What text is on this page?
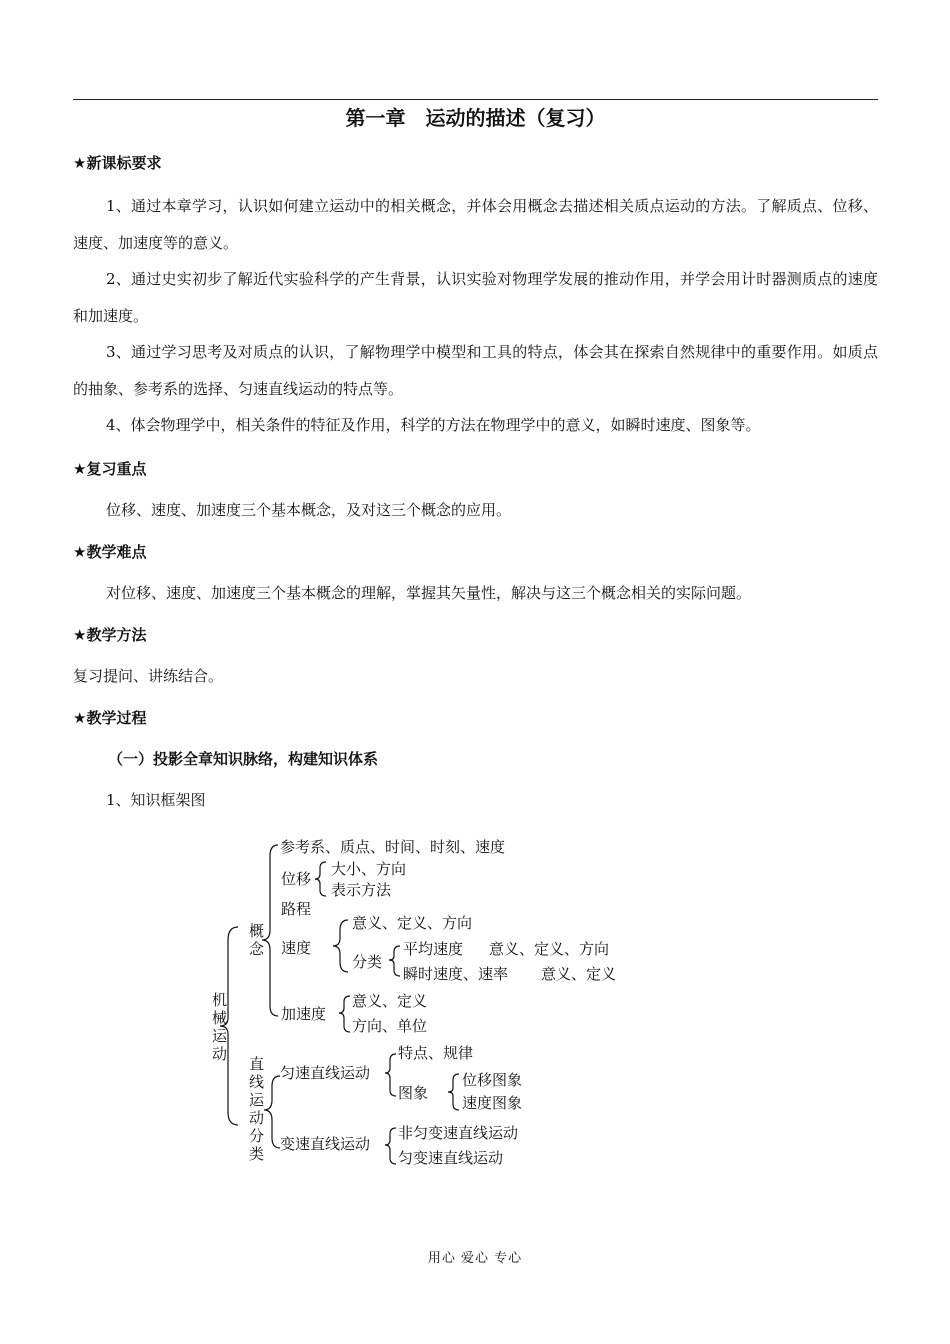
第一章　运动的描述（复习）
★新课标要求
1、通过本章学习，认识如何建立运动中的相关概念，并体会用概念去描述相关质点运动的方法。了解质点、位移、速度、加速度等的意义。
2、通过史实初步了解近代实验科学的产生背景，认识实验对物理学发展的推动作用，并学会用计时器测质点的速度和加速度。
3、通过学习思考及对质点的认识，了解物理学中模型和工具的特点，体会其在探索自然规律中的重要作用。如质点的抽象、参考系的选择、匀速直线运动的特点等。
4、体会物理学中，相关条件的特征及作用，科学的方法在物理学中的意义，如瞬时速度、图象等。
★复习重点
位移、速度、加速度三个基本概念，及对这三个概念的应用。
★教学难点
对位移、速度、加速度三个基本概念的理解，掌握其矢量性，解决与这三个概念相关的实际问题。
★教学方法
复习提问、讲练结合。
★教学过程
（一）投影全章知识脉络，构建知识体系
1、知识框架图
机械运动
概念
直线运动分类
参考系、质点、时间、时刻、速度
位移
大小、方向
表示方法
路程
速度
意义、定义、方向
分类
平均速度 意义、定义、方向
瞬时速度、速率 意义、定义
加速度
意义、定义
方向、单位
匀速直线运动
特点、规律
图象
位移图象
速度图象
变速直线运动
非匀变速直线运动
匀变速直线运动
用心 爱心 专心
